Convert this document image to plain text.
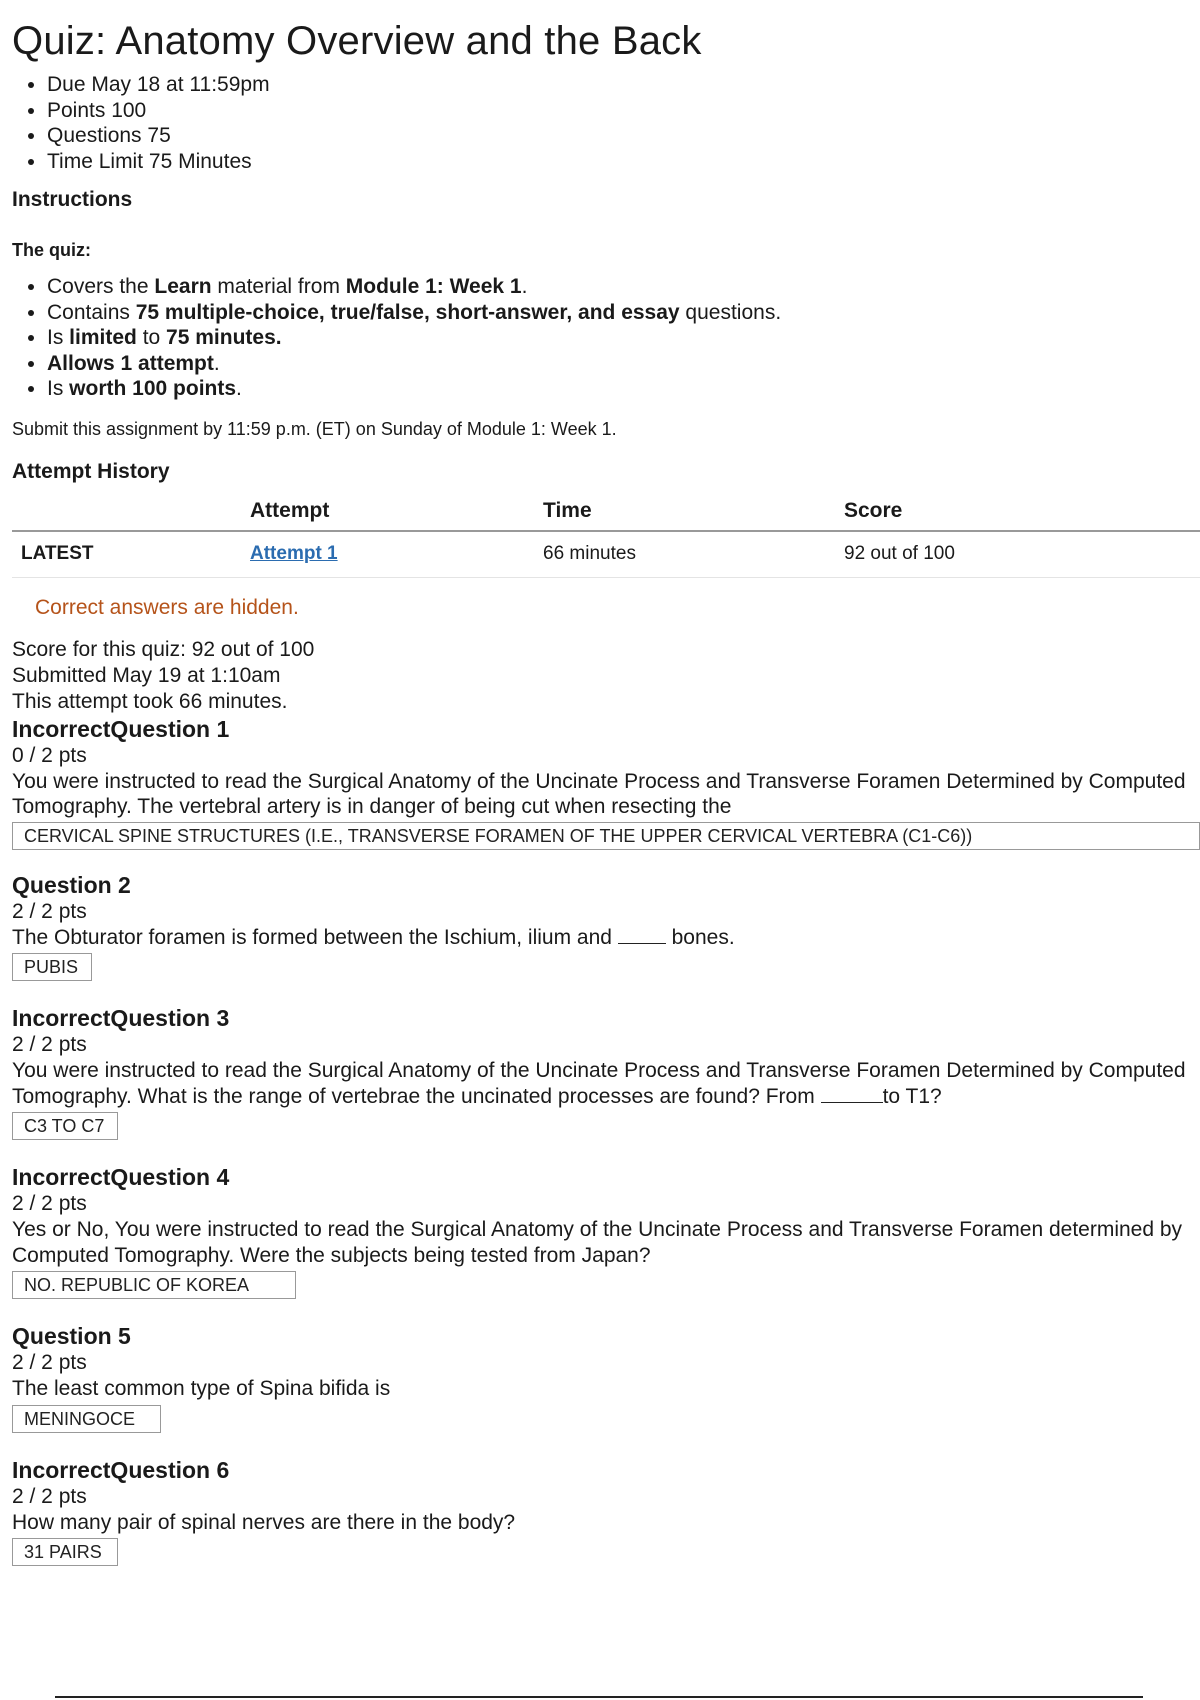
Quiz: Anatomy Overview and the Back
• Due May 18 at 11:59pm
• Points 100
• Questions 75
• Time Limit 75 Minutes
Instructions
The quiz:
• Covers the Learn material from Module 1: Week 1.
• Contains 75 multiple-choice, true/false, short-answer, and essay questions.
• Is limited to 75 minutes.
• Allows 1 attempt.
• Is worth 100 points.
Submit this assignment by 11:59 p.m. (ET) on Sunday of Module 1: Week 1.
Attempt History
	Attempt	Time	Score
LATEST	Attempt 1	66 minutes	92 out of 100
Correct answers are hidden.
Score for this quiz: 92 out of 100
Submitted May 19 at 1:10am
This attempt took 66 minutes.
IncorrectQuestion 1
0 / 2 pts
You were instructed to read the Surgical Anatomy of the Uncinate Process and Transverse Foramen Determined by Computed Tomography. The vertebral artery is in danger of being cut when resecting the
CERVICAL SPINE STRUCTURES (I.E., TRANSVERSE FORAMEN OF THE UPPER CERVICAL VERTEBRA (C1-C6))
Question 2
2 / 2 pts
The Obturator foramen is formed between the Ischium, ilium and	bones.
PUBIS
IncorrectQuestion 3
2 / 2 pts
You were instructed to read the Surgical Anatomy of the Uncinate Process and Transverse Foramen Determined by Computed Tomography. What is the range of vertebrae the uncinated processes are found? From	to T1?
C3 TO C7
IncorrectQuestion 4
2 / 2 pts
Yes or No, You were instructed to read the Surgical Anatomy of the Uncinate Process and Transverse Foramen determined by Computed Tomography. Were the subjects being tested from Japan?
NO. REPUBLIC OF KOREA
Question 5
2 / 2 pts
The least common type of Spina bifida is
MENINGOCE
IncorrectQuestion 6
2 / 2 pts
How many pair of spinal nerves are there in the body?
31 PAIRS
